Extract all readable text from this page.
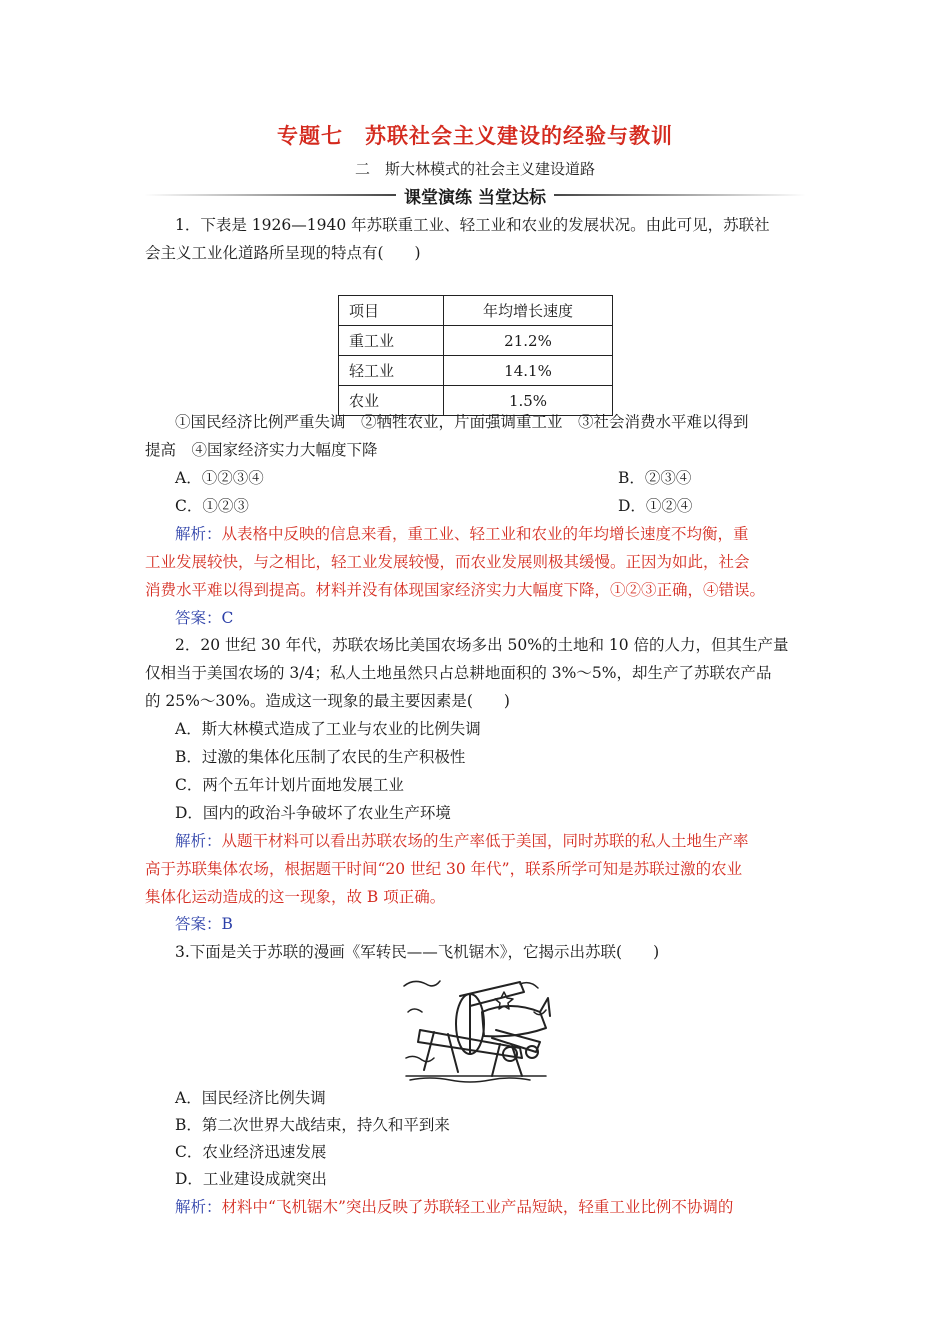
专题七　苏联社会主义建设的经验与教训
二　斯大林模式的社会主义建设道路
课堂演练 当堂达标
1．下表是 1926—1940 年苏联重工业、轻工业和农业的发展状况。由此可见，苏联社
会主义工业化道路所呈现的特点有(　　)
项目	年均增长速度
重工业	21.2%
轻工业	14.1%
农业	1.5%
①国民经济比例严重失调　②牺牲农业，片面强调重工业　③社会消费水平难以得到
提高　④国家经济实力大幅度下降
A．①②③④	B．②③④
C．①②③	D．①②④
解析：从表格中反映的信息来看，重工业、轻工业和农业的年均增长速度不均衡，重
工业发展较快，与之相比，轻工业发展较慢，而农业发展则极其缓慢。正因为如此，社会
消费水平难以得到提高。材料并没有体现国家经济实力大幅度下降，①②③正确，④错误。
答案：C
2．20 世纪 30 年代，苏联农场比美国农场多出 50%的土地和 10 倍的人力，但其生产量
仅相当于美国农场的 3/4；私人土地虽然只占总耕地面积的 3%～5%，却生产了苏联农产品
的 25%～30%。造成这一现象的最主要因素是(　　)
A．斯大林模式造成了工业与农业的比例失调
B．过激的集体化压制了农民的生产积极性
C．两个五年计划片面地发展工业
D．国内的政治斗争破坏了农业生产环境
解析：从题干材料可以看出苏联农场的生产率低于美国，同时苏联的私人土地生产率
高于苏联集体农场，根据题干时间“20 世纪 30 年代”，联系所学可知是苏联过激的农业
集体化运动造成的这一现象，故 B 项正确。
答案：B
3.下面是关于苏联的漫画《军转民——飞机锯木》，它揭示出苏联(　　)
A．国民经济比例失调
B．第二次世界大战结束，持久和平到来
C．农业经济迅速发展
D．工业建设成就突出
解析：材料中“飞机锯木”突出反映了苏联轻工业产品短缺，轻重工业比例不协调的
